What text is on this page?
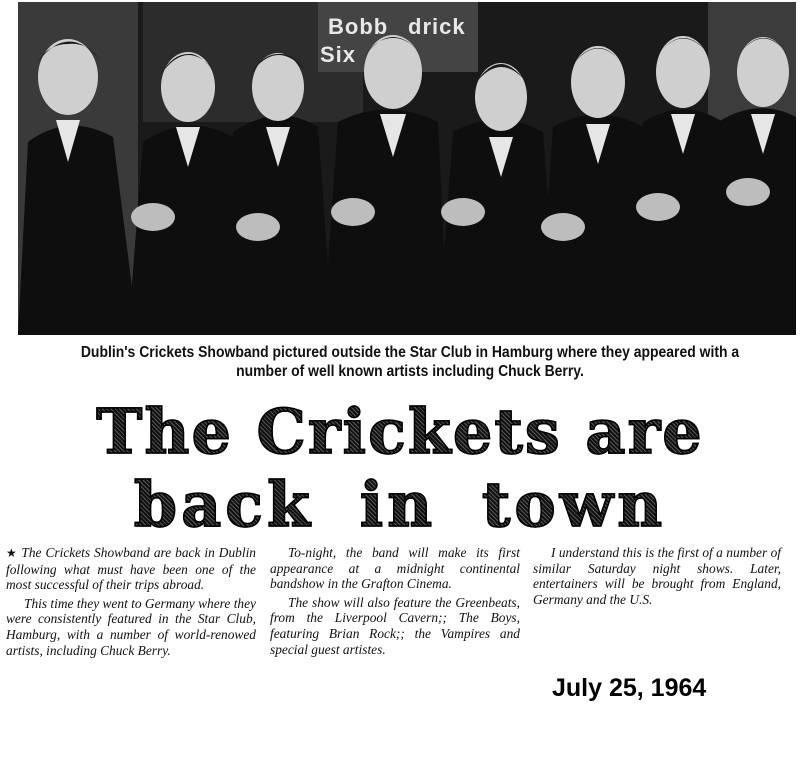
Bobb drick
Six
Dublin's Crickets Showband pictured outside the Star Club in Hamburg where they appeared with a
number of well known artists including Chuck Berry.
The Crickets are
back in town

★ The Crickets Showband are back in Dublin following what must have been one of the most successful of their trips abroad.

This time they went to Germany where they were consistently featured in the Star Club, Hamburg, with a number of world-renowed artists, including Chuck Berry.

To-night, the band will make its first appearance at a midnight continental bandshow in the Grafton Cinema.

The show will also feature the Greenbeats, from the Liverpool Cavern;; The Boys, featuring Brian Rock;; the Vampires and special guest artistes.

I understand this is the first of a number of similar Saturday night shows. Later, entertainers will be brought from England, Germany and the U.S.

July 25, 1964
